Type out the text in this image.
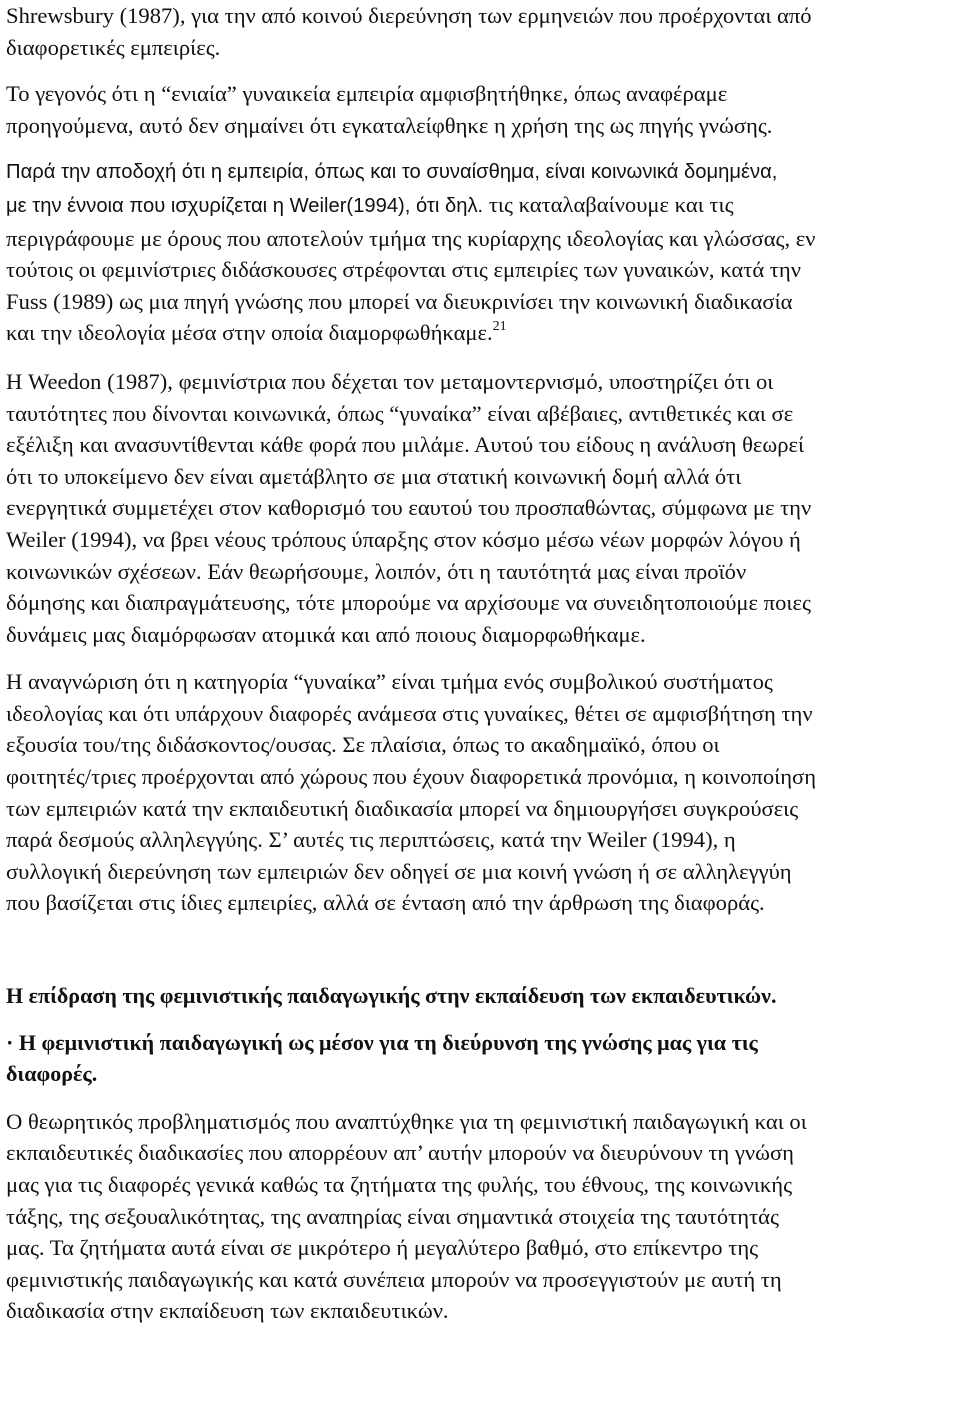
Shrewsbury (1987), για την από κοινού διερεύνηση των ερμηνειών που προέρχονται από
διαφορετικές εμπειρίες.

Το γεγονός ότι η “ενιαία” γυναικεία εμπειρία αμφισβητήθηκε, όπως αναφέραμε
προηγούμενα, αυτό δεν σημαίνει ότι εγκαταλείφθηκε η χρήση της ως πηγής γνώσης.

Παρά την αποδοχή ότι η εμπειρία, όπως και το συναίσθημα, είναι κοινωνικά δομημένα,
με την έννοια που ισχυρίζεται η Weiler(1994), ότι δηλ. τις καταλαβαίνουμε και τις
περιγράφουμε με όρους που αποτελούν τμήμα της κυρίαρχης ιδεολογίας και γλώσσας, εν
τούτοις οι φεμινίστριες διδάσκουσες στρέφονται στις εμπειρίες των γυναικών, κατά την
Fuss (1989) ως μια πηγή γνώσης που μπορεί να διευκρινίσει την κοινωνική διαδικασία
και την ιδεολογία μέσα στην οποία διαμορφωθήκαμε.$^{21}$

Η Weedon (1987), φεμινίστρια που δέχεται τον μεταμοντερνισμό, υποστηρίζει ότι οι
ταυτότητες που δίνονται κοινωνικά, όπως “γυναίκα” είναι αβέβαιες, αντιθετικές και σε
εξέλιξη και ανασυντίθενται κάθε φορά που μιλάμε. Αυτού του είδους η ανάλυση θεωρεί
ότι το υποκείμενο δεν είναι αμετάβλητο σε μια στατική κοινωνική δομή αλλά ότι
ενεργητικά συμμετέχει στον καθορισμό του εαυτού του προσπαθώντας, σύμφωνα με την
Weiler (1994), να βρει νέους τρόπους ύπαρξης στον κόσμο μέσω νέων μορφών λόγου ή
κοινωνικών σχέσεων. Εάν θεωρήσουμε, λοιπόν, ότι η ταυτότητά μας είναι προϊόν
δόμησης και διαπραγμάτευσης, τότε μπορούμε να αρχίσουμε να συνειδητοποιούμε ποιες
δυνάμεις μας διαμόρφωσαν ατομικά και από ποιους διαμορφωθήκαμε.

Η αναγνώριση ότι η κατηγορία “γυναίκα” είναι τμήμα ενός συμβολικού συστήματος
ιδεολογίας και ότι υπάρχουν διαφορές ανάμεσα στις γυναίκες, θέτει σε αμφισβήτηση την
εξουσία του/της διδάσκοντος/ουσας. Σε πλαίσια, όπως το ακαδημαϊκό, όπου οι
φοιτητές/τριες προέρχονται από χώρους που έχουν διαφορετικά προνόμια, η κοινοποίηση
των εμπειριών κατά την εκπαιδευτική διαδικασία μπορεί να δημιουργήσει συγκρούσεις
παρά δεσμούς αλληλεγγύης. Σ’ αυτές τις περιπτώσεις, κατά την Weiler (1994), η
συλλογική διερεύνηση των εμπειριών δεν οδηγεί σε μια κοινή γνώση ή σε αλληλεγγύη
που βασίζεται στις ίδιες εμπειρίες, αλλά σε ένταση από την άρθρωση της διαφοράς.

Η επίδραση της φεμινιστικής παιδαγωγικής στην εκπαίδευση των εκπαιδευτικών.

· Η φεμινιστική παιδαγωγική ως μέσον για τη διεύρυνση της γνώσης μας για τις
διαφορές.

Ο θεωρητικός προβληματισμός που αναπτύχθηκε για τη φεμινιστική παιδαγωγική και οι
εκπαιδευτικές διαδικασίες που απορρέουν απ’ αυτήν μπορούν να διευρύνουν τη γνώση
μας για τις διαφορές γενικά καθώς τα ζητήματα της φυλής, του έθνους, της κοινωνικής
τάξης, της σεξουαλικότητας, της αναπηρίας είναι σημαντικά στοιχεία της ταυτότητάς
μας. Τα ζητήματα αυτά είναι σε μικρότερο ή μεγαλύτερο βαθμό, στο επίκεντρο της
φεμινιστικής παιδαγωγικής και κατά συνέπεια μπορούν να προσεγγιστούν με αυτή τη
διαδικασία στην εκπαίδευση των εκπαιδευτικών.
